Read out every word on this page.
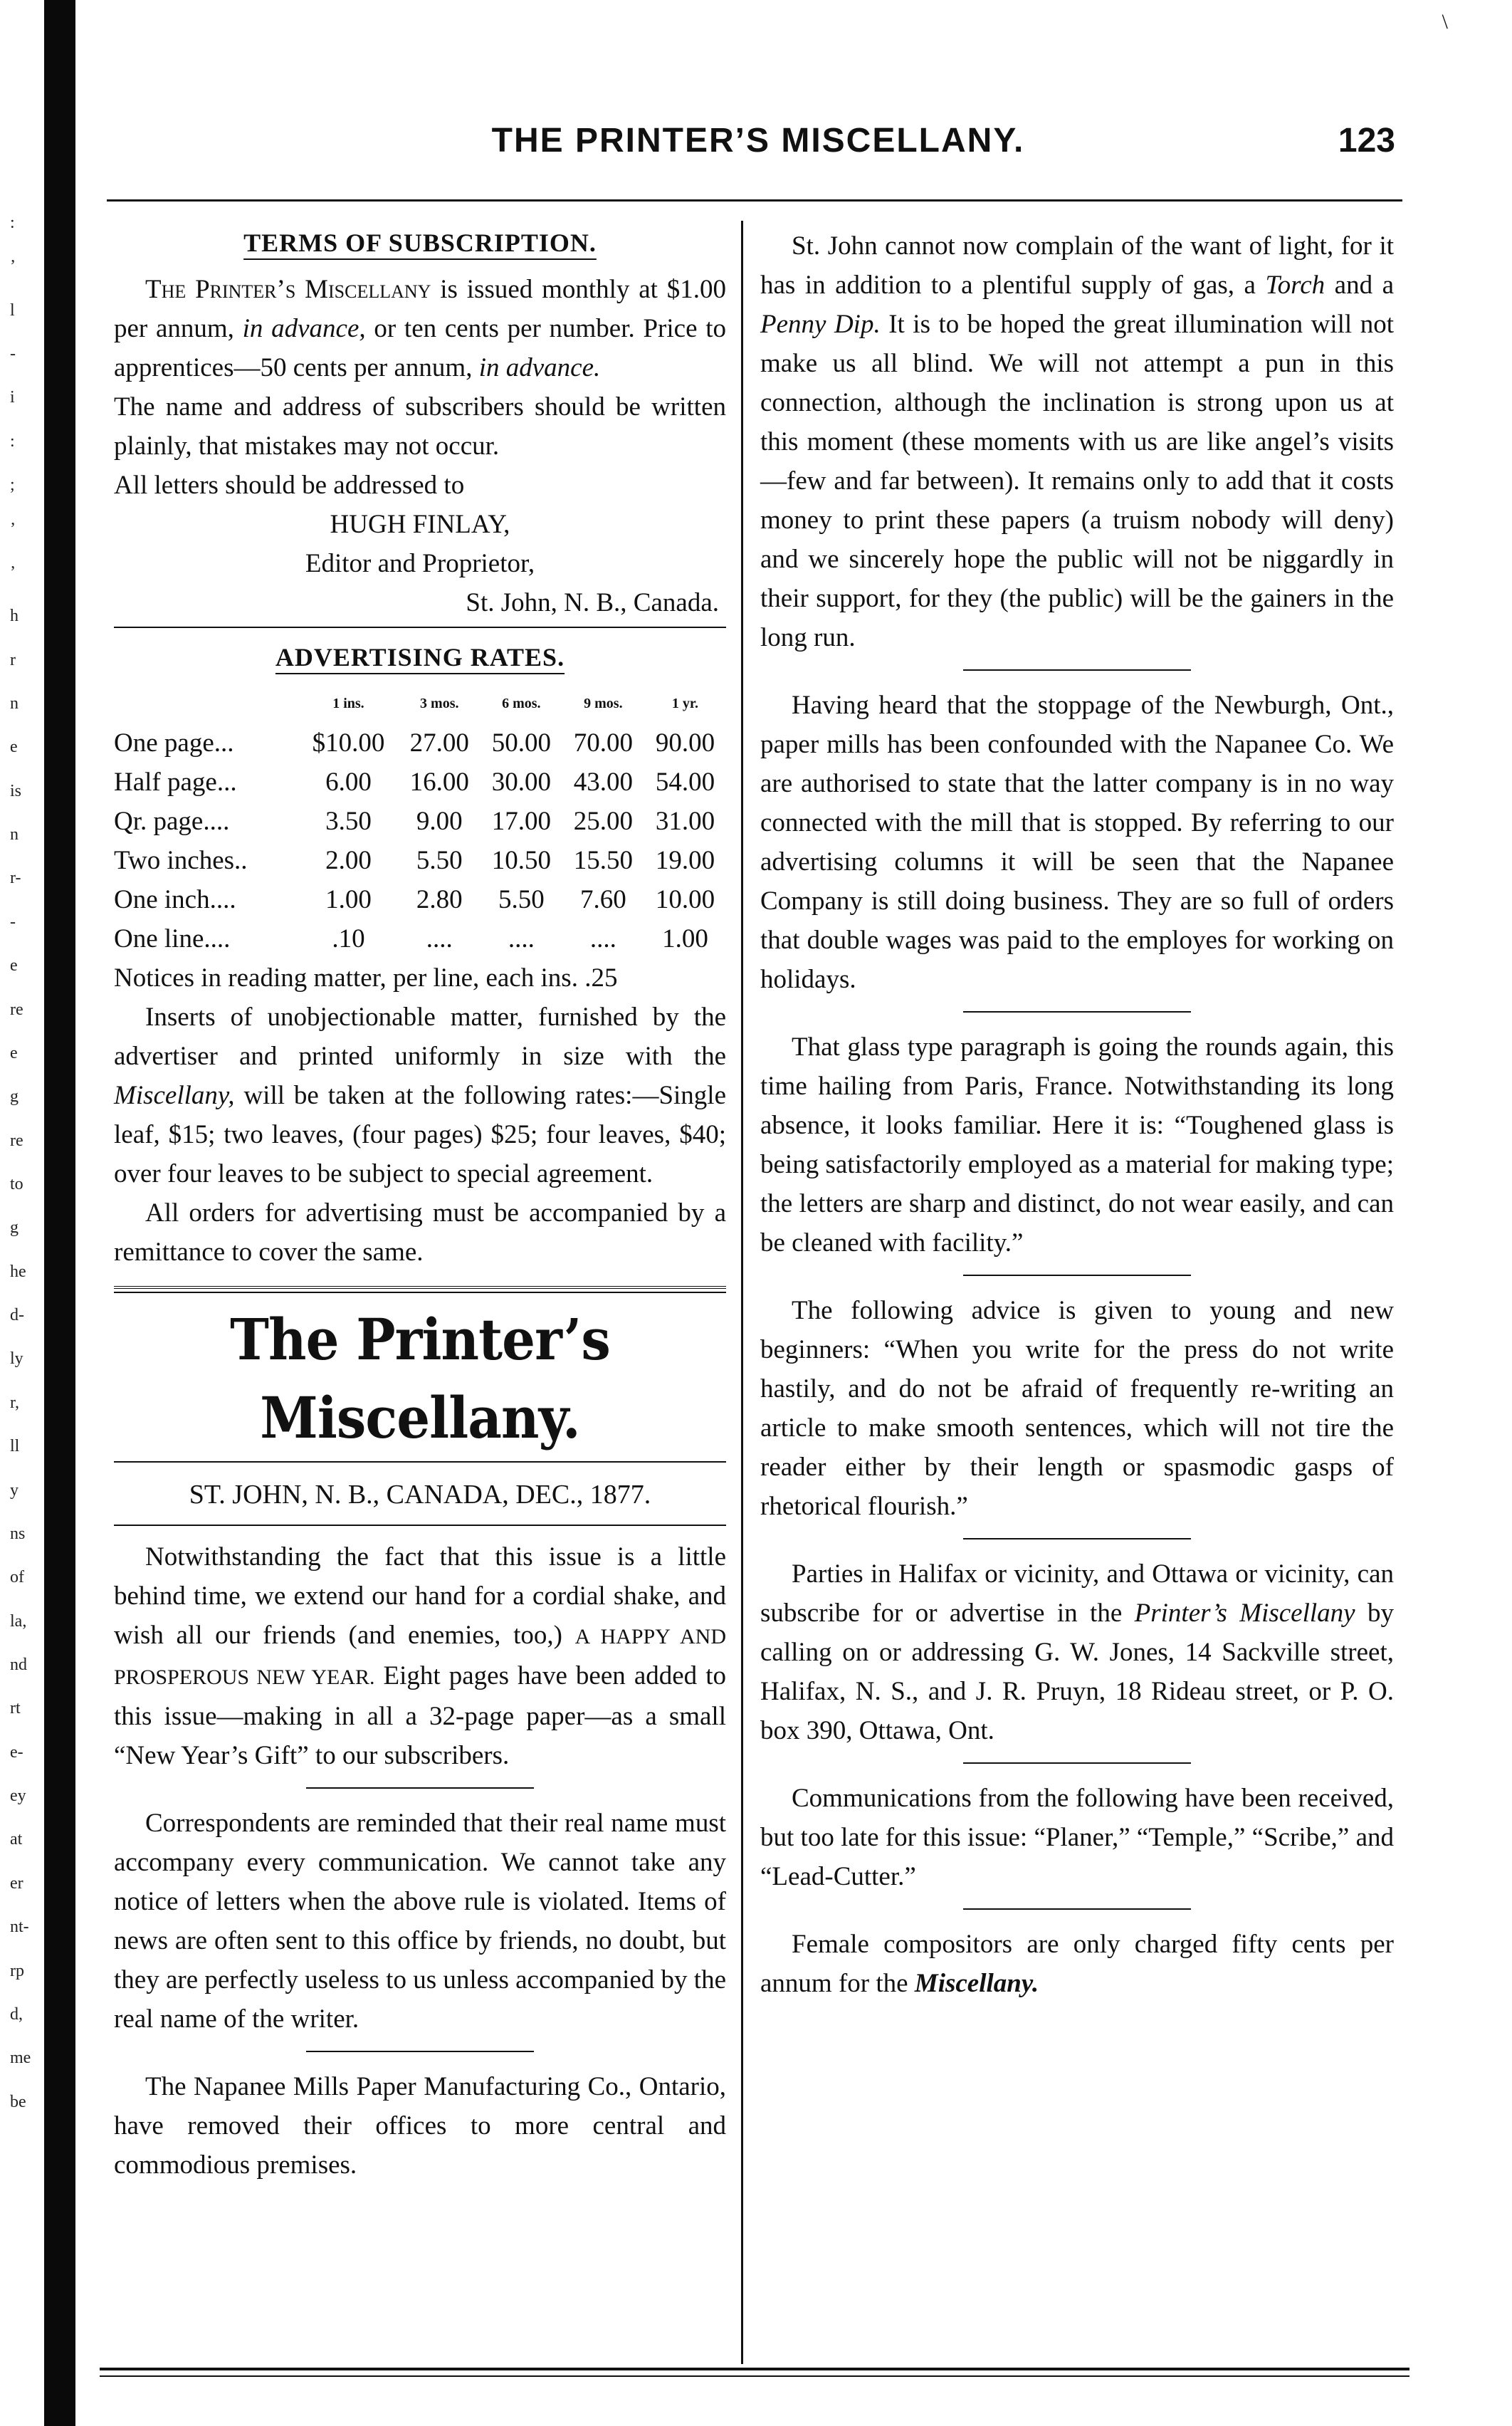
:
’
l
-
i
:
;
’
’
h
r
n
e
is
n
r-
-
e
re
e
g
re
to
g
he
d-
ly
r,
ll
y
ns
of
la,
nd
rt
e-
ey
at
er
nt-
rp
d,
me
be
\
THE PRINTER’S MISCELLANY.	123
TERMS OF SUBSCRIPTION.

The Printer’s Miscellany is issued monthly at $1.00 per annum, in advance, or ten cents per number. Price to apprentices—50 cents per annum, in advance.

The name and address of subscribers should be written plainly, that mistakes may not occur.

All letters should be addressed to

HUGH FINLAY,

Editor and Proprietor,

St. John, N. B., Canada.

ADVERTISING RATES.
	1 ins.	3 mos.	6 mos.	9 mos.	1 yr.
One page...	$10.00	27.00	50.00	70.00	90.00
Half page...	6.00	16.00	30.00	43.00	54.00
Qr. page....	3.50	9.00	17.00	25.00	31.00
Two inches..	2.00	5.50	10.50	15.50	19.00
One inch....	1.00	2.80	5.50	7.60	10.00
One line....	.10	....	....	....	1.00

Notices in reading matter, per line, each ins. .25

Inserts of unobjectionable matter, furnished by the advertiser and printed uniformly in size with the Miscellany, will be taken at the following rates:—Single leaf, $15; two leaves, (four pages) $25; four leaves, $40; over four leaves to be subject to special agreement.

All orders for advertising must be accompanied by a remittance to cover the same.

The Printer’s Miscellany.
ST. JOHN, N. B., CANADA, DEC., 1877.

Notwithstanding the fact that this issue is a little behind time, we extend our hand for a cordial shake, and wish all our friends (and enemies, too,) A HAPPY AND PROSPEROUS NEW YEAR. Eight pages have been added to this issue—making in all a 32-page paper—as a small “New Year’s Gift” to our subscribers.

Correspondents are reminded that their real name must accompany every communication. We cannot take any notice of letters when the above rule is violated. Items of news are often sent to this office by friends, no doubt, but they are perfectly useless to us unless accompanied by the real name of the writer.

The Napanee Mills Paper Manufacturing Co., Ontario, have removed their offices to more central and commodious premises.

St. John cannot now complain of the want of light, for it has in addition to a plentiful supply of gas, a Torch and a Penny Dip. It is to be hoped the great illumination will not make us all blind. We will not attempt a pun in this connection, although the inclination is strong upon us at this moment (these moments with us are like angel’s visits—few and far between). It remains only to add that it costs money to print these papers (a truism nobody will deny) and we sincerely hope the public will not be niggardly in their support, for they (the public) will be the gainers in the long run.

Having heard that the stoppage of the Newburgh, Ont., paper mills has been confounded with the Napanee Co. We are authorised to state that the latter company is in no way connected with the mill that is stopped. By referring to our advertising columns it will be seen that the Napanee Company is still doing business. They are so full of orders that double wages was paid to the employes for working on holidays.

That glass type paragraph is going the rounds again, this time hailing from Paris, France. Notwithstanding its long absence, it looks familiar. Here it is: “Toughened glass is being satisfactorily employed as a material for making type; the letters are sharp and distinct, do not wear easily, and can be cleaned with facility.”

The following advice is given to young and new beginners: “When you write for the press do not write hastily, and do not be afraid of frequently re-writing an article to make smooth sentences, which will not tire the reader either by their length or spasmodic gasps of rhetorical flourish.”

Parties in Halifax or vicinity, and Ottawa or vicinity, can subscribe for or advertise in the Printer’s Miscellany by calling on or addressing G. W. Jones, 14 Sackville street, Halifax, N. S., and J. R. Pruyn, 18 Rideau street, or P. O. box 390, Ottawa, Ont.

Communications from the following have been received, but too late for this issue: “Planer,” “Temple,” “Scribe,” and “Lead-Cutter.”

Female compositors are only charged fifty cents per annum for the Miscellany.
